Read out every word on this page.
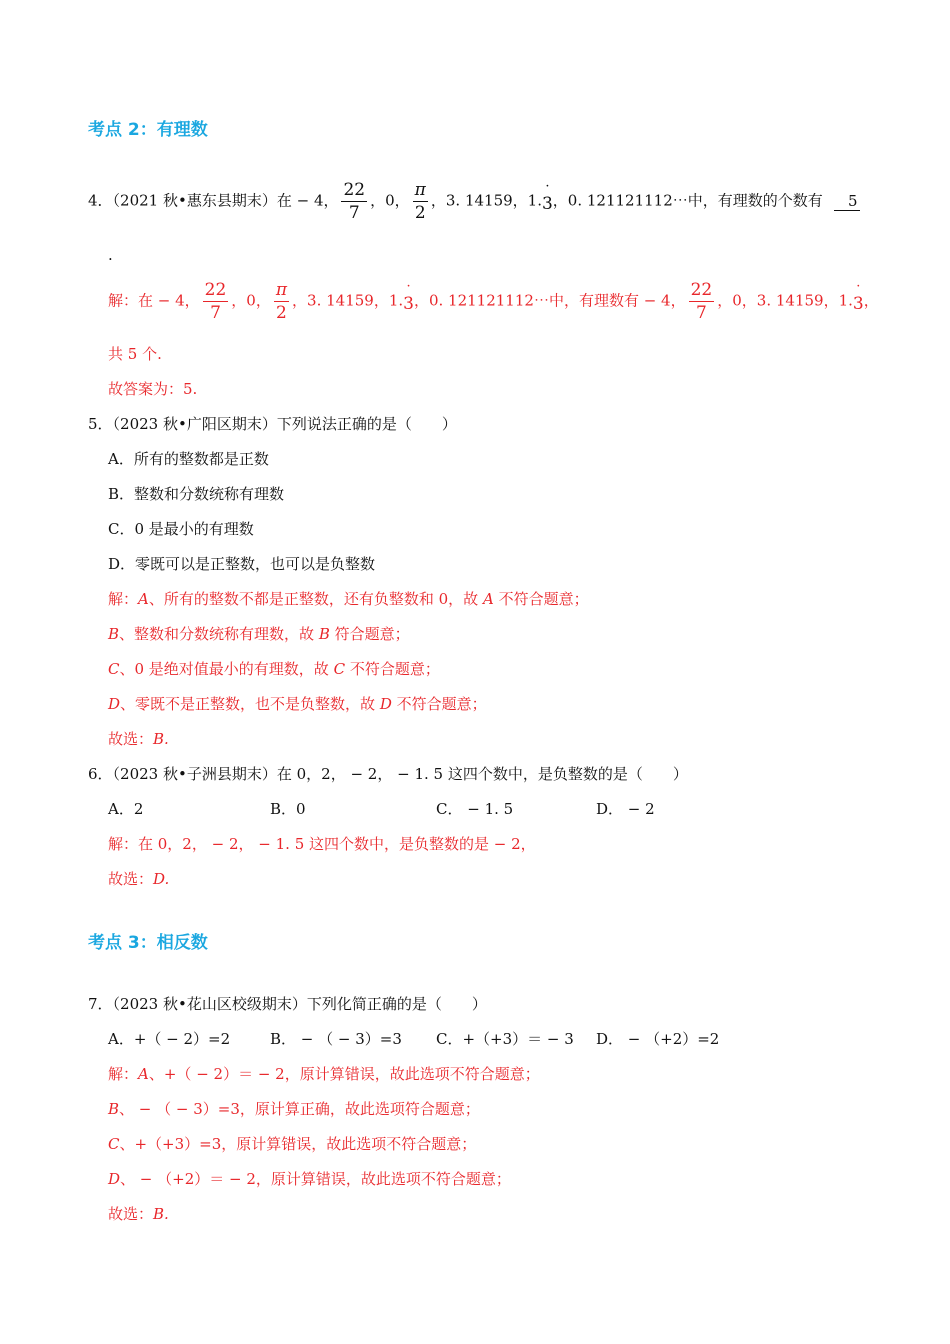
考点 2：有理数
4．（2021 秋•惠东县期末）在 − 4， $\frac{22}{7}$ ，0， $\frac{\pi}{2}$ ，3. 14159，1.
·
3，0. 121121112⋯中，有理数的个数有 5
.
解：在 − 4， $\frac{22}{7}$ ，0， $\frac{\pi}{2}$ ，3. 14159，1.
·
3，0. 121121112⋯中，有理数有 − 4， $\frac{22}{7}$ ，0，3. 14159，1.
·
3，
共 5 个.
故答案为：5.
5．（2023 秋•广阳区期末）下列说法正确的是（　　）
A．所有的整数都是正数
B．整数和分数统称有理数
C．0 是最小的有理数
D．零既可以是正整数，也可以是负整数
解：A、所有的整数不都是正整数，还有负整数和 0，故 A 不符合题意；
B、整数和分数统称有理数，故 B 符合题意；
C、0 是绝对值最小的有理数，故 C 不符合题意；
D、零既不是正整数，也不是负整数，故 D 不符合题意；
故选：B.
6．（2023 秋•子洲县期末）在 0，2， − 2， − 1. 5 这四个数中，是负整数的是（　　）
A．2	B．0	C． − 1. 5	D． − 2
解：在 0，2， − 2， − 1. 5 这四个数中，是负整数的是 − 2，
故选：D.
考点 3：相反数
7．（2023 秋•花山区校级期末）下列化简正确的是（　　）
A．+（ − 2）=2	B． − （ − 3）=3 C．+（+3）＝ − 3 D． − （+2）=2
解：A、+（ − 2）＝ − 2，原计算错误，故此选项不符合题意；
B、 − （ − 3）=3，原计算正确，故此选项符合题意；
C、+（+3）=3，原计算错误，故此选项不符合题意；
D、 − （+2）＝ − 2，原计算错误，故此选项不符合题意；
故选：B.
